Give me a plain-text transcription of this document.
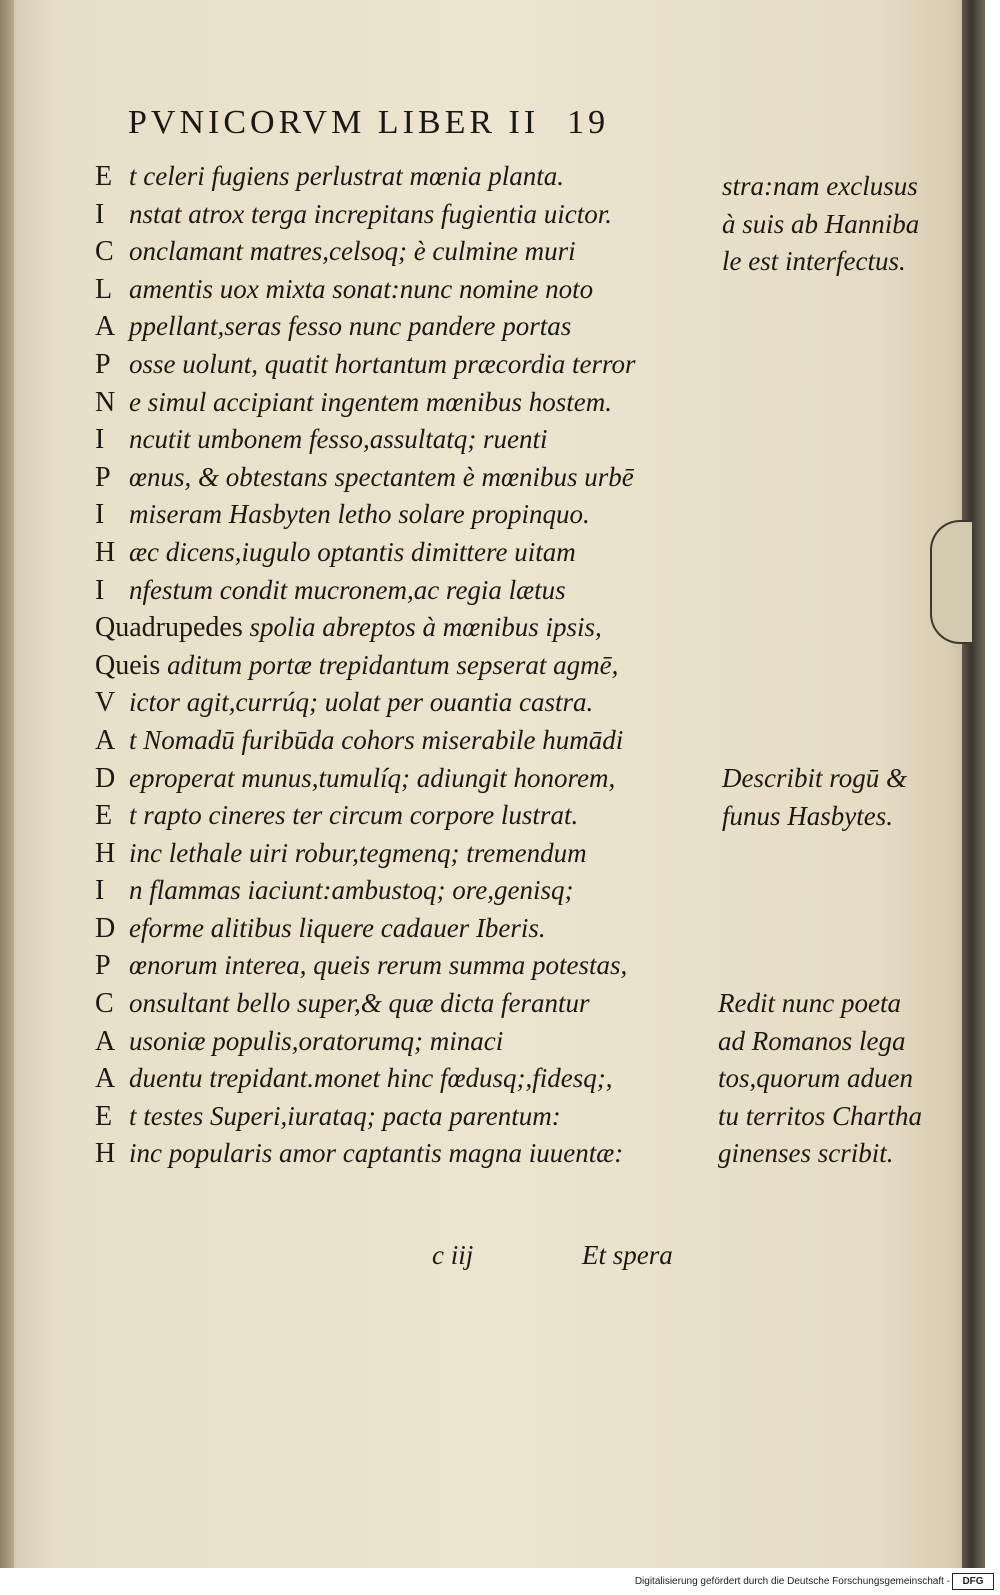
PVNICORVM LIBER II 19
E t celeri fugiens perlustrat mœnia planta.
I nstat atrox terga increpitans fugientia uictor.
C onclamant matres,celsoq; è culmine muri
L amentis uox mixta sonat:nunc nomine noto
A ppellant,seras fesso nunc pandere portas
P osse uolunt, quatit hortantum præcordia terror
N e simul accipiant ingentem mœnibus hostem.
I ncutit umbonem fesso,assultatq; ruenti
P œnus, & obtestans spectantem è mœnibus urbē
I miseram Hasbyten letho solare propinquo.
H æc dicens,iugulo optantis dimittere uitam
I nfestum condit mucronem,ac regia lætus
Quadrupedes spolia abreptos à mœnibus ipsis,
Queis aditum portæ trepidantum sepserat agmē,
V ictor agit,currúq; uolat per ouantia castra.
A t Nomadū furibūda cohors miserabile humādi
D eproperat munus,tumulíq; adiungit honorem,
E t rapto cineres ter circum corpore lustrat.
H inc lethale uiri robur,tegmenq; tremendum
I n flammas iaciunt:ambustoq; ore,genisq;
D eforme alitibus liquere cadauer Iberis.
P œnorum interea, queis rerum summa potestas,
C onsultant bello super,& quæ dicta ferantur
A usoniæ populis,oratorumq; minaci
A duentu trepidant.monet hinc fœdusq;,fidesq;,
E t testes Superi,iurataq; pacta parentum:
H inc popularis amor captantis magna iuuentæ:
stra:nam exclusus
à suis ab Hanniba
le est interfectus.
Describit rogū &
funus Hasbytes.
Redit nunc poeta
ad Romanos lega
tos,quorum aduen
tu territos Chartha
ginenses scribit.
c iij	Et spera
Digitalisierung gefördert durch die Deutsche Forschungsgemeinschaft -	DFG
